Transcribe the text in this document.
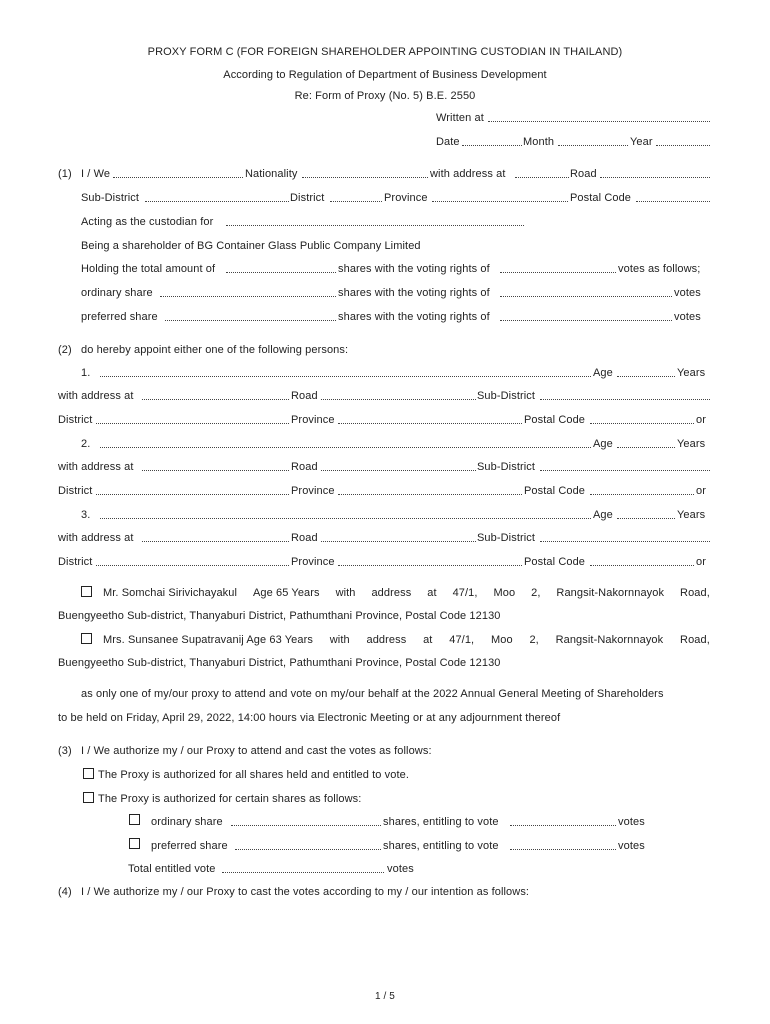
PROXY FORM C (FOR FOREIGN SHAREHOLDER APPOINTING CUSTODIAN IN THAILAND)
According to Regulation of Department of Business Development
Re: Form of Proxy (No. 5) B.E. 2550
Written at
Date	Month	Year
(1) I / We	Nationality	with address at	Road
Sub-District	District	Province	Postal Code
Acting as the custodian for
Being a shareholder of BG Container Glass Public Company Limited
Holding the total amount of	shares with the voting rights of	votes as follows;
ordinary share	shares with the voting rights of	votes
preferred share	shares with the voting rights of	votes
(2) do hereby appoint either one of the following persons:
1.	Age	Years
with address at	Road	Sub-District
District	Province	Postal Code	or
2.	Age	Years
with address at	Road	Sub-District
District	Province	Postal Code	or
3.	Age	Years
with address at	Road	Sub-District
District	Province	Postal Code	or
Mr. Somchai Sirivichayakul Age 65 Years with address at 47/1, Moo 2, Rangsit-Nakornnayok Road,
Buengyeetho Sub-district, Thanyaburi District, Pathumthani Province, Postal Code 12130
Mrs. Sunsanee Supatravanij Age 63 Years with address at 47/1, Moo 2, Rangsit-Nakornnayok Road,
Buengyeetho Sub-district, Thanyaburi District, Pathumthani Province, Postal Code 12130
as only one of my/our proxy to attend and vote on my/our behalf at the 2022 Annual General Meeting of Shareholders
to be held on Friday, April 29, 2022, 14:00 hours via Electronic Meeting or at any adjournment thereof
(3) I / We authorize my / our Proxy to attend and cast the votes as follows:
The Proxy is authorized for all shares held and entitled to vote.
The Proxy is authorized for certain shares as follows:
ordinary share	shares, entitling to vote	votes
preferred share	shares, entitling to vote	votes
Total entitled vote	votes
(4) I / We authorize my / our Proxy to cast the votes according to my / our intention as follows:
1 / 5
